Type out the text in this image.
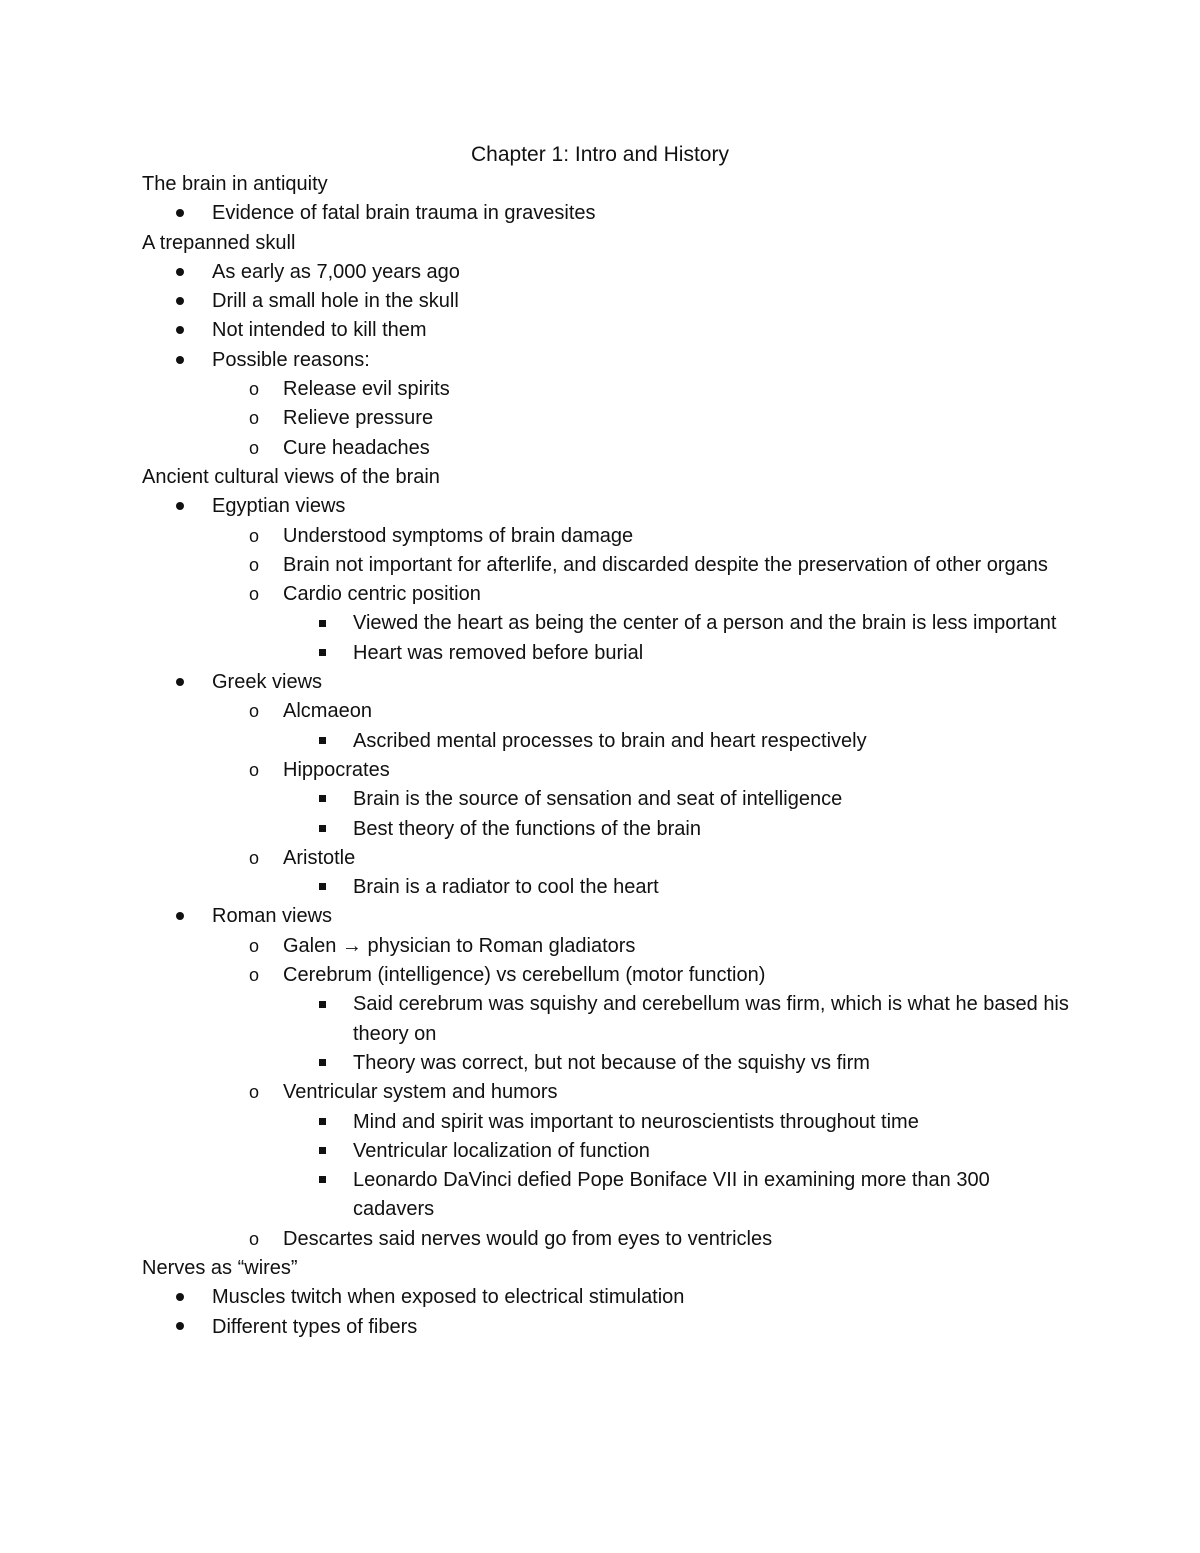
Chapter 1: Intro and History
The brain in antiquity
Evidence of fatal brain trauma in gravesites
A trepanned skull
As early as 7,000 years ago
Drill a small hole in the skull
Not intended to kill them
Possible reasons:
o	Release evil spirits
o	Relieve pressure
o	Cure headaches
Ancient cultural views of the brain
Egyptian views
o	Understood symptoms of brain damage
o	Brain not important for afterlife, and discarded despite the preservation of other organs
o	Cardio centric position
Viewed the heart as being the center of a person and the brain is less important
Heart was removed before burial
Greek views
o	Alcmaeon
Ascribed mental processes to brain and heart respectively
o	Hippocrates
Brain is the source of sensation and seat of intelligence
Best theory of the functions of the brain
o	Aristotle
Brain is a radiator to cool the heart
Roman views
o	Galen → physician to Roman gladiators
o	Cerebrum (intelligence) vs cerebellum (motor function)
Said cerebrum was squishy and cerebellum was firm, which is what he based his theory on
Theory was correct, but not because of the squishy vs firm
o	Ventricular system and humors
Mind and spirit was important to neuroscientists throughout time
Ventricular localization of function
Leonardo DaVinci defied Pope Boniface VII in examining more than 300 cadavers
o	Descartes said nerves would go from eyes to ventricles
Nerves as “wires”
Muscles twitch when exposed to electrical stimulation
Different types of fibers
